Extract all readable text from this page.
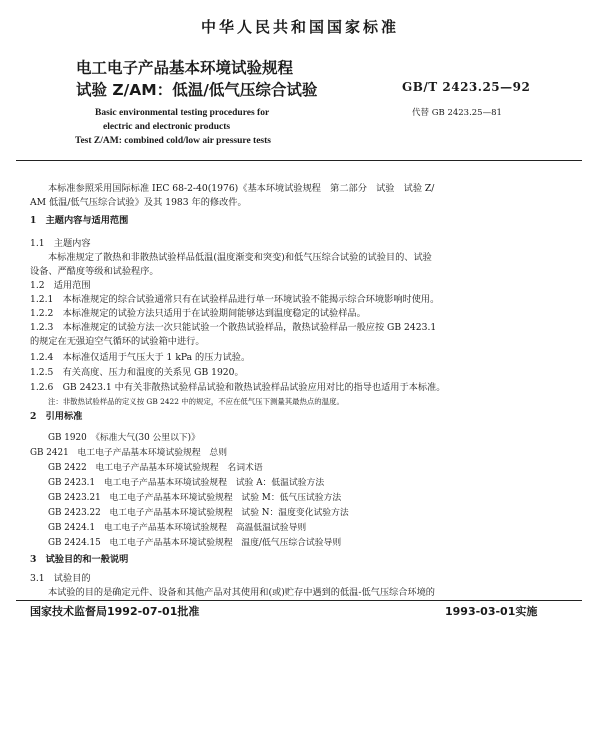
中华人民共和国国家标准
电工电子产品基本环境试验规程
试验 Z/AM：低温/低气压综合试验	GB/T 2423.25—92
代替 GB 2423.25—81
Basic environmental testing procedures for
electric and electronic products
Test Z/AM: combined cold/low air pressure tests
本标准参照采用国际标准 IEC 68-2-40(1976)《基本环境试验规程　第二部分　试验　试验 Z/
AM 低温/低气压综合试验》及其 1983 年的修改件。
1　主题内容与适用范围
1.1　主题内容
本标准规定了散热和非散热试验样品低温(温度渐变和突变)和低气压综合试验的试验目的、试验
设备、严酷度等级和试验程序。
1.2　适用范围
1.2.1　本标准规定的综合试验通常只有在试验样品进行单一环境试验不能揭示综合环境影响时使用。
1.2.2　本标准规定的试验方法只适用于在试验期间能够达到温度稳定的试验样品。
1.2.3　本标准规定的试验方法一次只能试验一个散热试验样品，散热试验样品一般应按 GB 2423.1
的规定在无强迫空气循环的试验箱中进行。
1.2.4　本标准仅适用于气压大于 1 kPa 的压力试验。
1.2.5　有关高度、压力和温度的关系见 GB 1920。
1.2.6　GB 2423.1 中有关非散热试验样品试验和散热试验样品试验应用对比的指导也适用于本标准。
注：非散热试验样品的定义按 GB 2422 中的规定，不应在低气压下测量其最热点的温度。
2　引用标准
GB 1920　《标准大气(30 公里以下)》
GB 2421　电工电子产品基本环境试验规程　总则
GB 2422　电工电子产品基本环境试验规程　名词术语
GB 2423.1　电工电子产品基本环境试验规程　试验 A：低温试验方法
GB 2423.21　电工电子产品基本环境试验规程　试验 M：低气压试验方法
GB 2423.22　电工电子产品基本环境试验规程　试验 N：温度变化试验方法
GB 2424.1　电工电子产品基本环境试验规程　高温低温试验导则
GB 2424.15　电工电子产品基本环境试验规程　温度/低气压综合试验导则
3　试验目的和一般说明
3.1　试验目的
本试验的目的是确定元件、设备和其他产品对其使用和(或)贮存中遇到的低温-低气压综合环境的
国家技术监督局1992-07-01批准	1993-03-01实施
